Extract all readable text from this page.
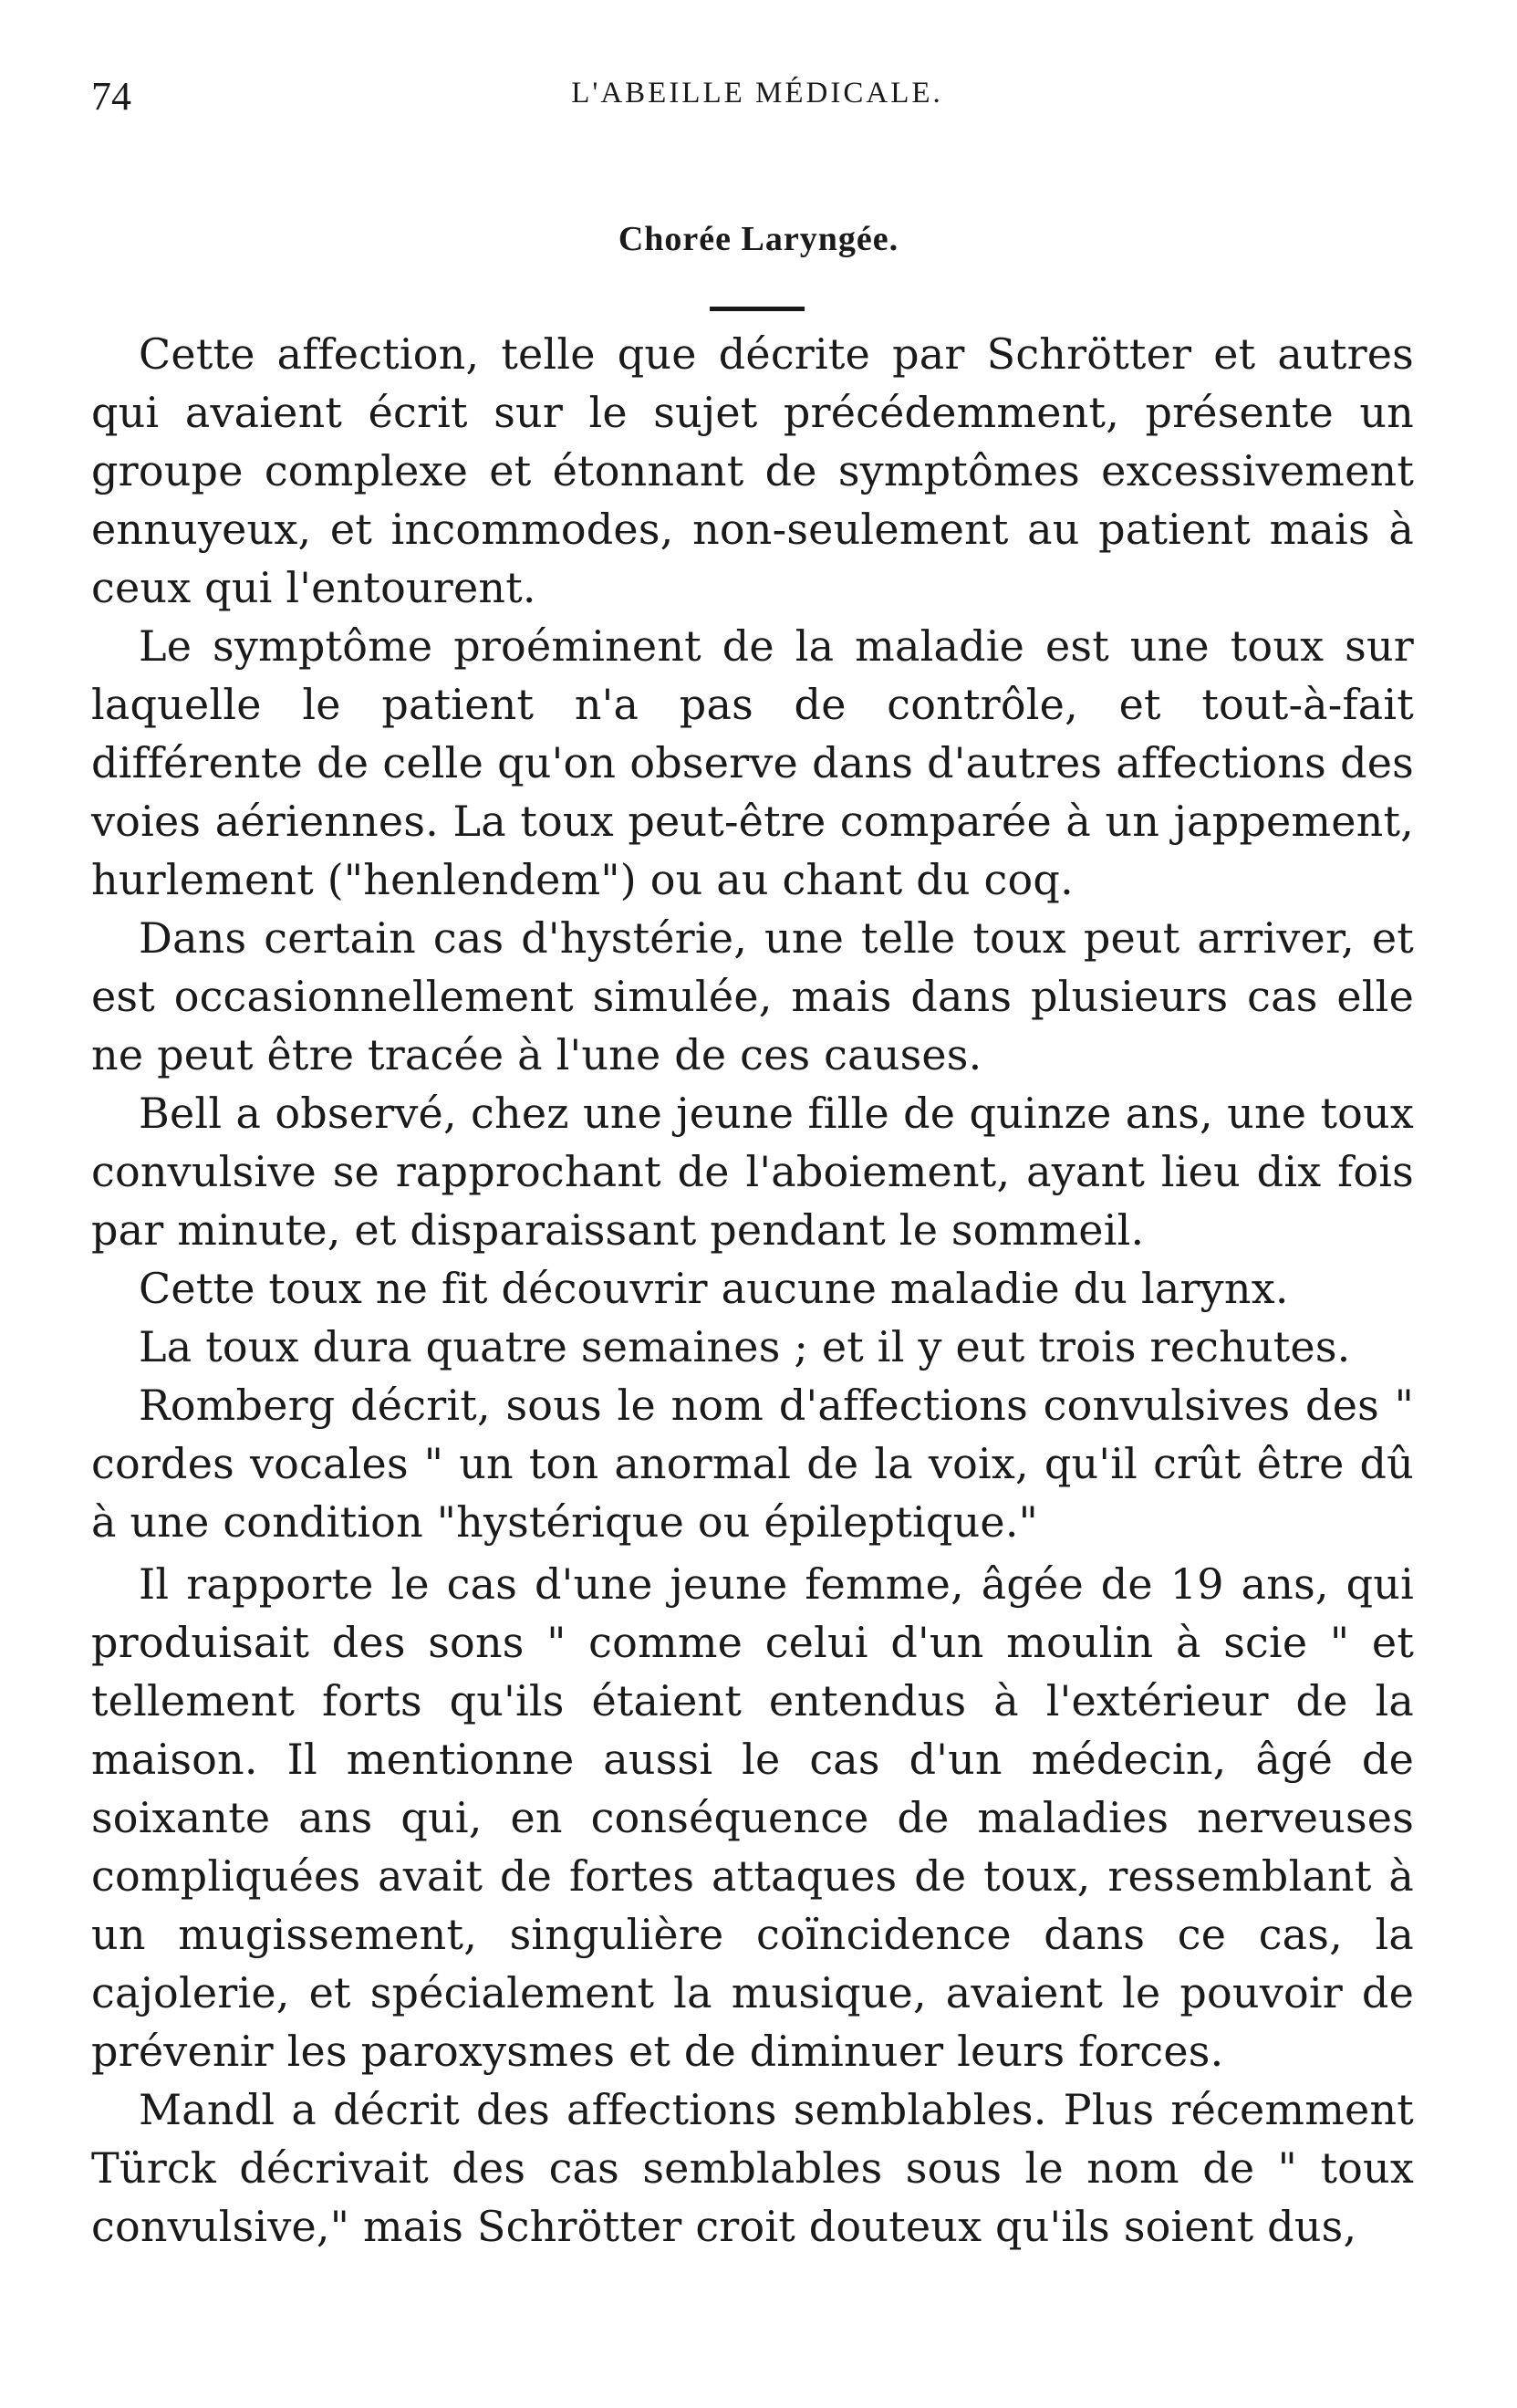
74	L'ABEILLE MÉDICALE.
Chorée Laryngée.

Cette affection, telle que décrite par Schrötter et autres qui avaient écrit sur le sujet précédemment, présente un groupe complexe et étonnant de symptômes excessivement ennuyeux, et incommodes, non-seulement au patient mais à ceux qui l'entourent.

Le symptôme proéminent de la maladie est une toux sur laquelle le patient n'a pas de contrôle, et tout-à-fait différente de celle qu'on observe dans d'autres affections des voies aériennes. La toux peut-être comparée à un jappement, hurlement ("henlendem") ou au chant du coq.

Dans certain cas d'hystérie, une telle toux peut arriver, et est occasionnellement simulée, mais dans plusieurs cas elle ne peut être tracée à l'une de ces causes.

Bell a observé, chez une jeune fille de quinze ans, une toux convulsive se rapprochant de l'aboiement, ayant lieu dix fois par minute, et disparaissant pendant le sommeil.

Cette toux ne fit découvrir aucune maladie du larynx.

La toux dura quatre semaines ; et il y eut trois rechutes.

Romberg décrit, sous le nom d'affections convulsives des " cordes vocales " un ton anormal de la voix, qu'il crût être dû à une condition "hystérique ou épileptique."

Il rapporte le cas d'une jeune femme, âgée de 19 ans, qui produisait des sons " comme celui d'un moulin à scie " et tellement forts qu'ils étaient entendus à l'extérieur de la maison. Il mentionne aussi le cas d'un médecin, âgé de soixante ans qui, en conséquence de maladies nerveuses compliquées avait de fortes attaques de toux, ressemblant à un mugissement, singulière coïncidence dans ce cas, la cajolerie, et spécialement la musique, avaient le pouvoir de prévenir les paroxysmes et de diminuer leurs forces.

Mandl a décrit des affections semblables. Plus récemment Türck décrivait des cas semblables sous le nom de " toux convulsive," mais Schrötter croit douteux qu'ils soient dus,
